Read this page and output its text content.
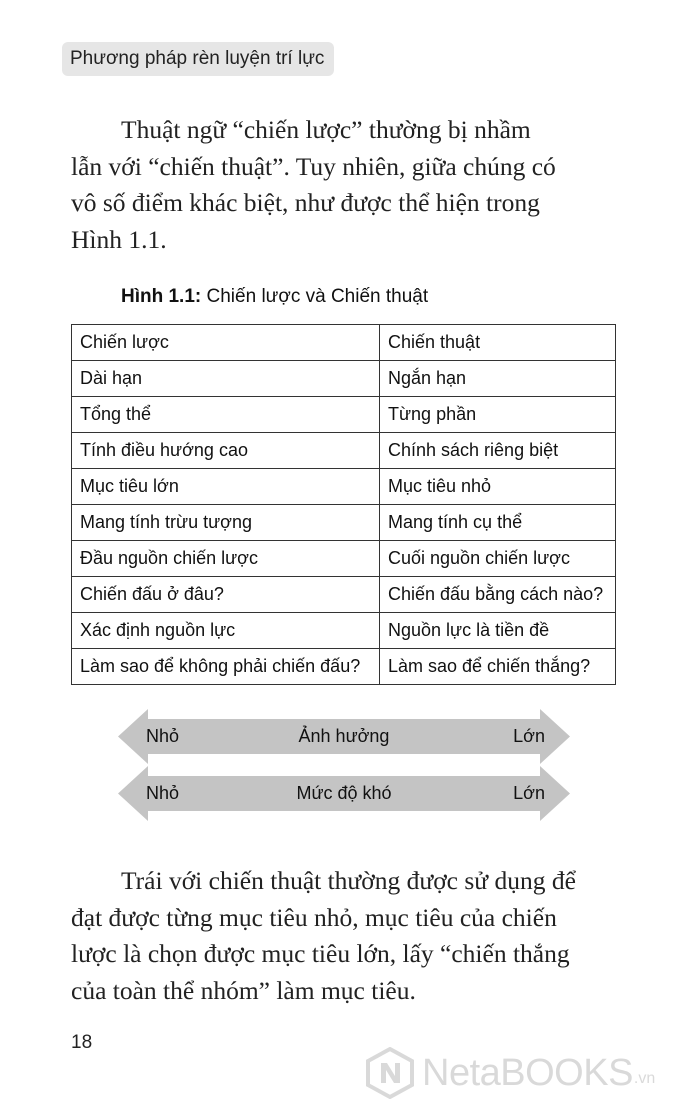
Phương pháp rèn luyện trí lực

Thuật ngữ “chiến lược” thường bị nhầm
lẫn với “chiến thuật”. Tuy nhiên, giữa chúng có
vô số điểm khác biệt, như được thể hiện trong
Hình 1.1.

Hình 1.1: Chiến lược và Chiến thuật
Chiến lược	Chiến thuật
Dài hạn	Ngắn hạn
Tổng thể	Từng phần
Tính điều hướng cao	Chính sách riêng biệt
Mục tiêu lớn	Mục tiêu nhỏ
Mang tính trừu tượng	Mang tính cụ thể
Đầu nguồn chiến lược	Cuối nguồn chiến lược
Chiến đấu ở đâu?	Chiến đấu bằng cách nào?
Xác định nguồn lực	Nguồn lực là tiền đề
Làm sao để không phải chiến đấu?	Làm sao để chiến thắng?
Nhỏ	Ảnh hưởng	Lớn
Nhỏ	Mức độ khó	Lớn

Trái với chiến thuật thường được sử dụng để
đạt được từng mục tiêu nhỏ, mục tiêu của chiến
lược là chọn được mục tiêu lớn, lấy “chiến thắng
của toàn thể nhóm” làm mục tiêu.

18
NetaBOOKS .vn
